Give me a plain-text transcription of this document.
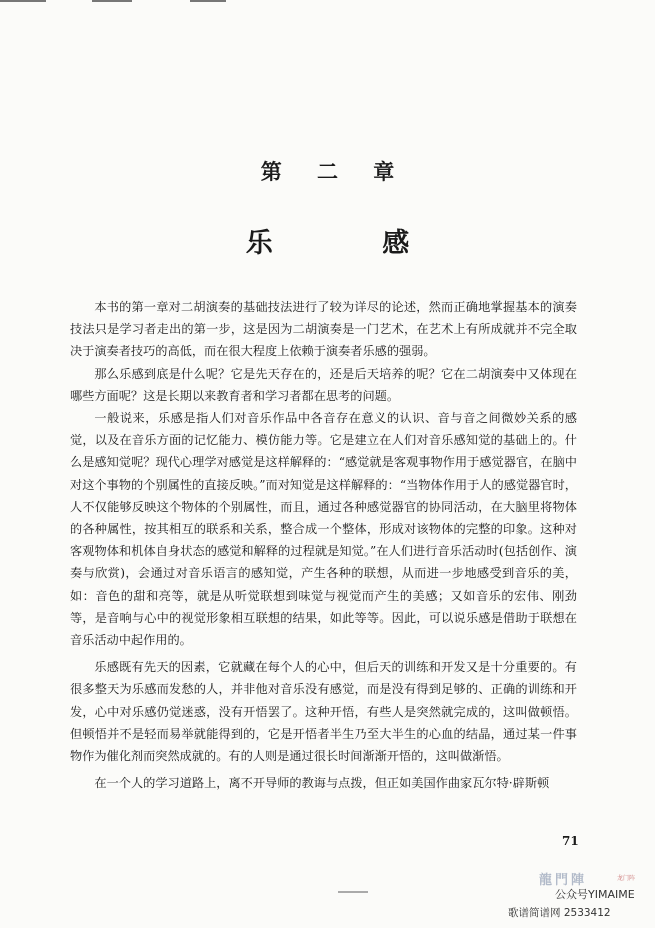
第 二 章
乐 感

本书的第一章对二胡演奏的基础技法进行了较为详尽的论述，然而正确地掌握基本的演奏技法只是学习者走出的第一步，这是因为二胡演奏是一门艺术，在艺术上有所成就并不完全取决于演奏者技巧的高低，而在很大程度上依赖于演奏者乐感的强弱。

那么乐感到底是什么呢？它是先天存在的，还是后天培养的呢？它在二胡演奏中又体现在哪些方面呢？这是长期以来教育者和学习者都在思考的问题。

一般说来，乐感是指人们对音乐作品中各音存在意义的认识、音与音之间微妙关系的感觉，以及在音乐方面的记忆能力、模仿能力等。它是建立在人们对音乐感知觉的基础上的。什么是感知觉呢？现代心理学对感觉是这样解释的：“感觉就是客观事物作用于感觉器官，在脑中对这个事物的个别属性的直接反映。”而对知觉是这样解释的：“当物体作用于人的感觉器官时，人不仅能够反映这个物体的个别属性，而且，通过各种感觉器官的协同活动，在大脑里将物体的各种属性，按其相互的联系和关系，整合成一个整体，形成对该物体的完整的印象。这种对客观物体和机体自身状态的感觉和解释的过程就是知觉。”在人们进行音乐活动时(包括创作、演奏与欣赏)，会通过对音乐语言的感知觉，产生各种的联想，从而进一步地感受到音乐的美，如：音色的甜和亮等，就是从听觉联想到味觉与视觉而产生的美感；又如音乐的宏伟、刚劲等，是音响与心中的视觉形象相互联想的结果，如此等等。因此，可以说乐感是借助于联想在音乐活动中起作用的。

乐感既有先天的因素，它就藏在每个人的心中，但后天的训练和开发又是十分重要的。有很多整天为乐感而发愁的人，并非他对音乐没有感觉，而是没有得到足够的、正确的训练和开发，心中对乐感仍觉迷惑，没有开悟罢了。这种开悟，有些人是突然就完成的，这叫做顿悟。但顿悟并不是轻而易举就能得到的，它是开悟者半生乃至大半生的心血的结晶，通过某一件事物作为催化剂而突然成就的。有的人则是通过很长时间渐渐开悟的，这叫做渐悟。

在一个人的学习道路上，离不开导师的教诲与点拨，但正如美国作曲家瓦尔特·辟斯顿

71
龍門陣	龙门阵
公众号YIMAIME
歌谱简谱网 2533412
